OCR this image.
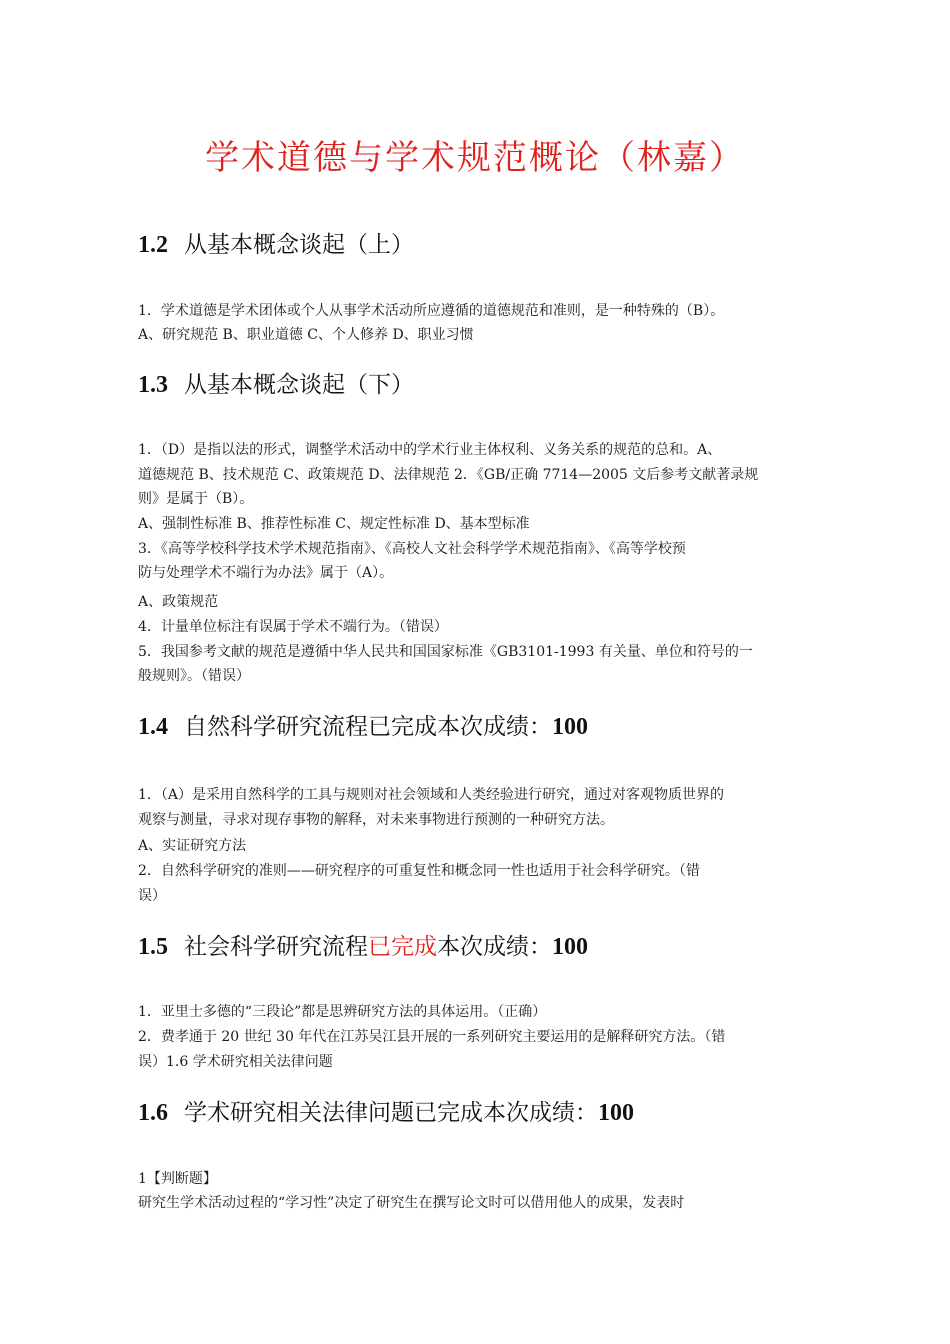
学术道德与学术规范概论（林嘉）
1.2 从基本概念谈起（上）
1．学术道德是学术团体或个人从事学术活动所应遵循的道德规范和准则，是一种特殊的（B）。
A、研究规范 B、职业道德 C、个人修养 D、职业习惯
1.3 从基本概念谈起（下）
1．（D）是指以法的形式，调整学术活动中的学术行业主体权利、义务关系的规范的总和。A、
道德规范 B、技术规范 C、政策规范 D、法律规范 2．《GB/正确 7714—2005 文后参考文献著录规
则》是属于（B）。
A、强制性标准 B、推荐性标准 C、规定性标准 D、基本型标准
3．《高等学校科学技术学术规范指南》、《高校人文社会科学学术规范指南》、《高等学校预
防与处理学术不端行为办法》属于（A）。
A、政策规范
4．计量单位标注有误属于学术不端行为。（错误）
5．我国参考文献的规范是遵循中华人民共和国国家标准《GB3101-1993 有关量、单位和符号的一
般规则》。（错误）
1.4 自然科学研究流程已完成本次成绩：100
1．（A）是采用自然科学的工具与规则对社会领域和人类经验进行研究，通过对客观物质世界的
观察与测量，寻求对现存事物的解释，对未来事物进行预测的一种研究方法。
A、实证研究方法
2．自然科学研究的准则——研究程序的可重复性和概念同一性也适用于社会科学研究。（错
误）
1.5 社会科学研究流程已完成本次成绩：100
1．亚里士多德的“三段论”都是思辨研究方法的具体运用。（正确）
2．费孝通于 20 世纪 30 年代在江苏吴江县开展的一系列研究主要运用的是解释研究方法。（错
误）1.6 学术研究相关法律问题
1.6 学术研究相关法律问题已完成本次成绩：100
1【判断题】
研究生学术活动过程的“学习性”决定了研究生在撰写论文时可以借用他人的成果，发表时
